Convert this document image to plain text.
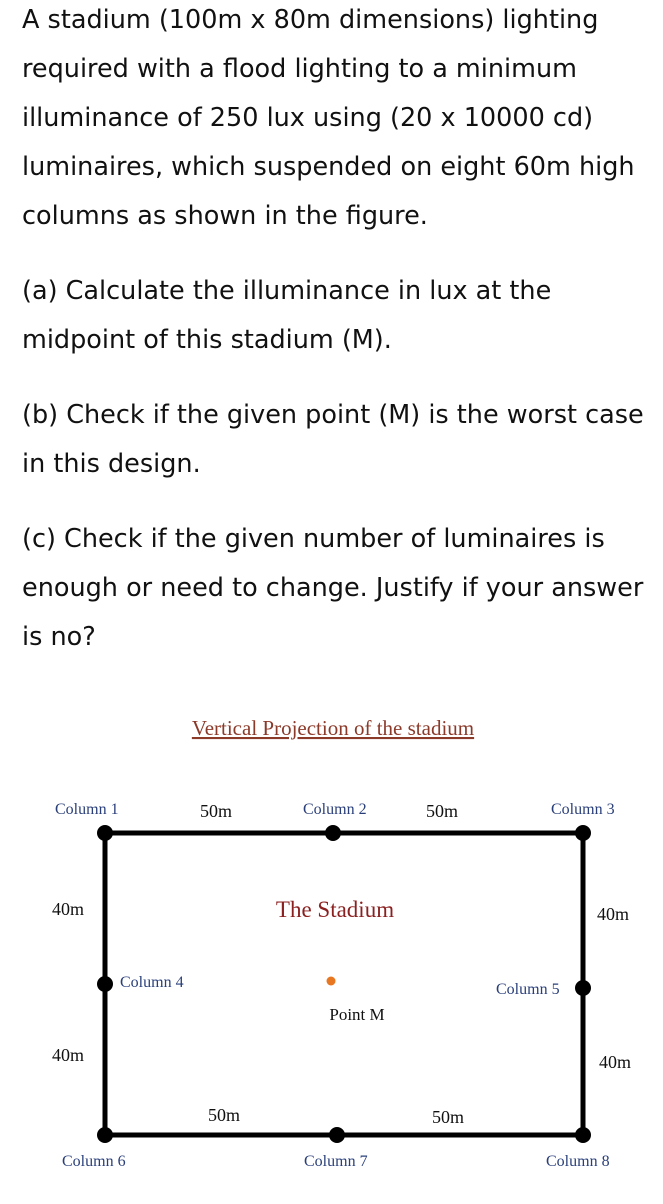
A stadium (100m x 80m dimensions) lighting required with a flood lighting to a minimum illuminance of 250 lux using (20 x 10000 cd) luminaires, which suspended on eight 60m high columns as shown in the figure.

(a) Calculate the illuminance in lux at the midpoint of this stadium (M).

(b) Check if the given point (M) is the worst case in this design.

(c) Check if the given number of luminaires is enough or need to change. Justify if your answer is no?

Vertical Projection of the stadium
Point M
The Stadium
Column 1	Column 2	Column 3
Column 4	Column 5
Column 6	Column 7	Column 8
50m	50m
40m	40m
40m	40m
50m	50m
